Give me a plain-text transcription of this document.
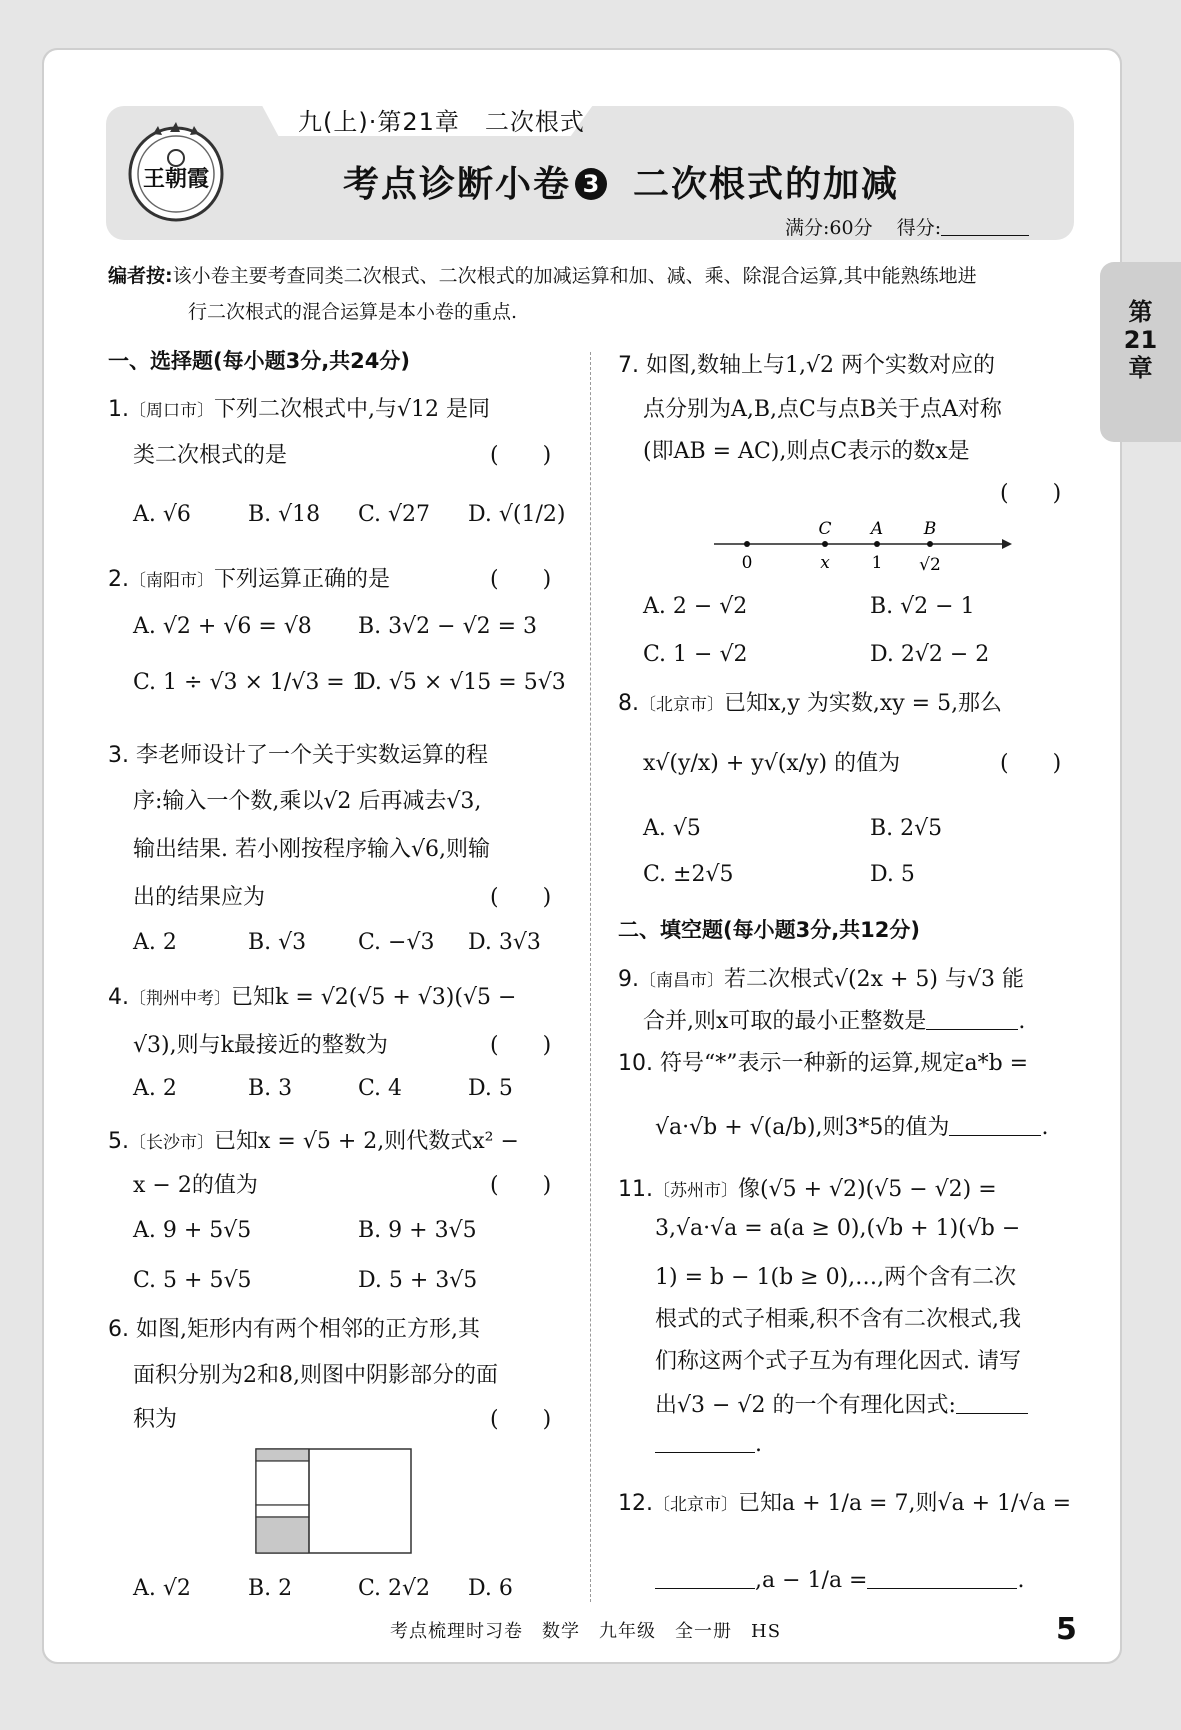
九(上)·第21章　二次根式
王朝霞	考点诊断小卷 3 二次根式的加减
满分:60分 得分:
第
21
章
编者按:该小卷主要考查同类二次根式、二次根式的加减运算和加、减、乘、除混合运算,其中能熟练地进
行二次根式的混合运算是本小卷的重点.
一、选择题(每小题3分,共24分)
1.〔周口市〕下列二次根式中,与√12 是同
类二次根式的是	(　　)
A. √6	B. √18 C. √27 D. √(1/2)
2.〔南阳市〕下列运算正确的是	(　　)
A. √2 + √6 = √8 B. 3√2 − √2 = 3
C. 1 ÷ √3 × 1/√3 = 1
D. √5 × √15 = 5√3
3. 李老师设计了一个关于实数运算的程
序:输入一个数,乘以√2 后再减去√3,
输出结果. 若小刚按程序输入√6,则输
出的结果应为	(　　)
A. 2	B. √3 C. −√3 D. 3√3
4.〔荆州中考〕已知k = √2(√5 + √3)(√5 −
√3),则与k最接近的整数为	(　　)
A. 2	B. 3	C. 4	D. 5
5.〔长沙市〕已知x = √5 + 2,则代数式x² −
x − 2的值为	(　　)
A. 9 + 5√5	B. 9 + 3√5
C. 5 + 5√5	D. 5 + 3√5
6. 如图,矩形内有两个相邻的正方形,其
面积分别为2和8,则图中阴影部分的面
积为	(　　)
A. √2	B. 2	C. 2√2 D. 6
7. 如图,数轴上与1,√2 两个实数对应的
点分别为A,B,点C与点B关于点A对称
(即AB = AC),则点C表示的数x是
(　　)
0
C
x
A
1
B
√2
A. 2 − √2	B. √2 − 1
C. 1 − √2	D. 2√2 − 2
8.〔北京市〕已知x,y 为实数,xy = 5,那么
x√(y/x) + y√(x/y) 的值为	(　　)
A. √5	B. 2√5
C. ±2√5	D. 5
二、填空题(每小题3分,共12分)
9.〔南昌市〕若二次根式√(2x + 5) 与√3 能
合并,则x可取的最小正整数是	.
10. 符号“*”表示一种新的运算,规定a*b =
√a·√b + √(a/b),则3*5的值为	.
11.〔苏州市〕像(√5 + √2)(√5 − √2) =
3,√a·√a = a(a ≥ 0),(√b + 1)(√b −
1) = b − 1(b ≥ 0),…,两个含有二次
根式的式子相乘,积不含有二次根式,我
们称这两个式子互为有理化因式. 请写
出√3 − √2 的一个有理化因式:
.
12.〔北京市〕已知a + 1/a = 7,则√a + 1/√a =
,a − 1/a =	.
考点梳理时习卷　数学　九年级　全一册　HS	5
